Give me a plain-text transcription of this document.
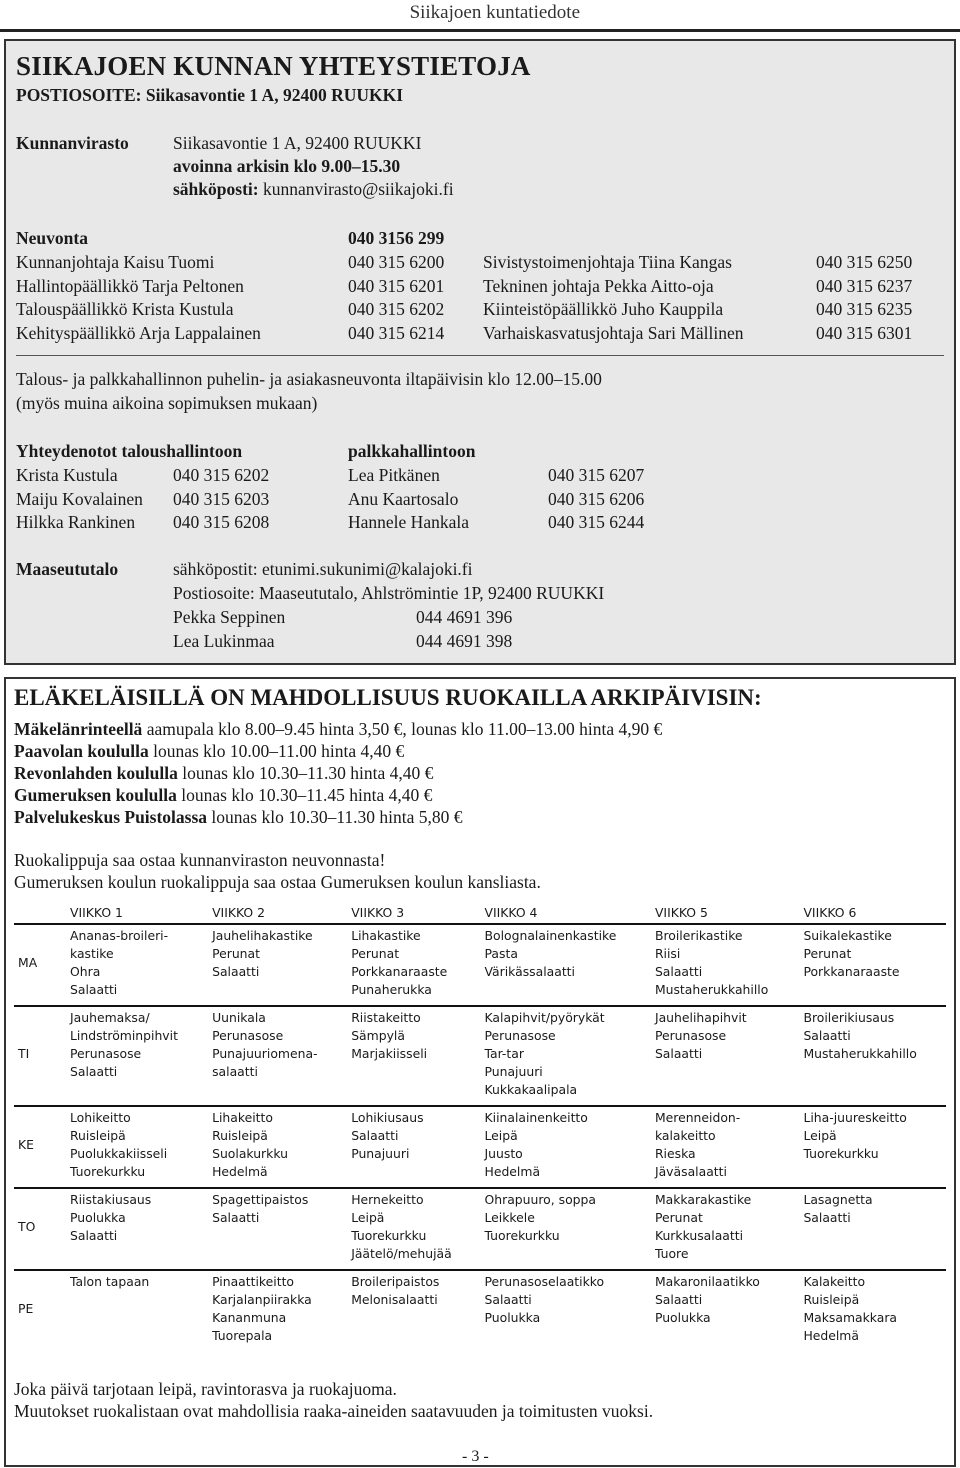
Siikajoen kuntatiedote
SIIKAJOEN KUNNAN YHTEYSTIETOJA
POSTIOSOITE: Siikasavontie 1 A, 92400 RUUKKI
Kunnanvirasto	Siikasavontie 1 A, 92400 RUUKKI
avoinna arkisin klo 9.00–15.30
sähköposti: kunnanvirasto@siikajoki.fi
Neuvonta	040 3156 299
Kunnanjohtaja Kaisu Tuomi	040 315 6200
Hallintopäällikkö Tarja Peltonen	040 315 6201
Talouspäällikkö Krista Kustula	040 315 6202
Kehityspäällikkö Arja Lappalainen	040 315 6214
Sivistystoimenjohtaja Tiina Kangas	040 315 6250
Tekninen johtaja Pekka Aitto-oja	040 315 6237
Kiinteistöpäällikkö Juho Kauppila	040 315 6235
Varhaiskasvatusjohtaja Sari Mällinen	040 315 6301
Talous- ja palkkahallinnon puhelin- ja asiakasneuvonta iltapäivisin klo 12.00–15.00
(myös muina aikoina sopimuksen mukaan)
Yhteydenotot taloushallintoon	palkkahallintoon
Krista Kustula	040 315 6202
Maiju Kovalainen 040 315 6203
Hilkka Rankinen 040 315 6208
Lea Pitkänen	040 315 6207
Anu Kaartosalo	040 315 6206
Hannele Hankala	040 315 6244
Maaseututalo	sähköpostit: etunimi.sukunimi@kalajoki.fi
Postiosoite: Maaseututalo, Ahlströmintie 1P, 92400 RUUKKI
Pekka Seppinen	044 4691 396
Lea Lukinmaa	044 4691 398
ELÄKELÄISILLÄ ON MAHDOLLISUUS RUOKAILLA ARKIPÄIVISIN:
Mäkelänrinteellä aamupala klo 8.00–9.45 hinta 3,50 €, lounas klo 11.00–13.00 hinta 4,90 €
Paavolan koululla lounas klo 10.00–11.00 hinta 4,40 €
Revonlahden koululla lounas klo 10.30–11.30 hinta 4,40 €
Gumeruksen koululla lounas klo 10.30–11.45 hinta 4,40 €
Palvelukeskus Puistolassa lounas klo 10.30–11.30 hinta 5,80 €
Ruokalippuja saa ostaa kunnanviraston neuvonnasta!
Gumeruksen koulun ruokalippuja saa ostaa Gumeruksen koulun kansliasta.
	VIIKKO 1	VIIKKO 2	VIIKKO 3	VIIKKO 4	VIIKKO 5	VIIKKO 6
MA	Ananas-broileri-
kastike
Ohra
Salaatti	Jauhelihakastike
Perunat
Salaatti	Lihakastike
Perunat
Porkkanaraaste
Punaherukka	Bolognalainenkastike
Pasta
Värikässalaatti	Broilerikastike
Riisi
Salaatti
Mustaherukkahillo	Suikalekastike
Perunat
Porkkanaraaste

TI	Jauhemaksa/
Lindströminpihvit
Perunasose
Salaatti	Uunikala
Perunasose
Punajuuriomena-
salaatti	Riistakeitto
Sämpylä
Marjakiisseli	Kalapihvit/pyörykät
Perunasose
Tar-tar
Punajuuri
Kukkakaalipala	Jauhelihapihvit
Perunasose
Salaatti	Broilerikiusaus
Salaatti
Mustaherukkahillo

KE	Lohikeitto
Ruisleipä
Puolukkakiisseli
Tuorekurkku	Lihakeitto
Ruisleipä
Suolakurkku
Hedelmä	Lohikiusaus
Salaatti
Punajuuri	Kiinalainenkeitto
Leipä
Juusto
Hedelmä	Merenneidon-
kalakeitto
Rieska
Jäväsalaatti	Liha-juureskeitto
Leipä
Tuorekurkku

TO	Riistakiusaus
Puolukka
Salaatti	Spagettipaistos
Salaatti	Hernekeitto
Leipä
Tuorekurkku
Jäätelö/mehujää	Ohrapuuro, soppa
Leikkele
Tuorekurkku	Makkarakastike
Perunat
Kurkkusalaatti
Tuore	Lasagnetta
Salaatti

PE	Talon tapaan	Pinaattikeitto
Karjalanpiirakka
Kananmuna
Tuorepala	Broileripaistos
Melonisalaatti	Perunasoselaatikko
Salaatti
Puolukka	Makaronilaatikko
Salaatti
Puolukka	Kalakeitto
Ruisleipä
Maksamakkara
Hedelmä
Joka päivä tarjotaan leipä, ravintorasva ja ruokajuoma.
Muutokset ruokalistaan ovat mahdollisia raaka-aineiden saatavuuden ja toimitusten vuoksi.
- 3 -
